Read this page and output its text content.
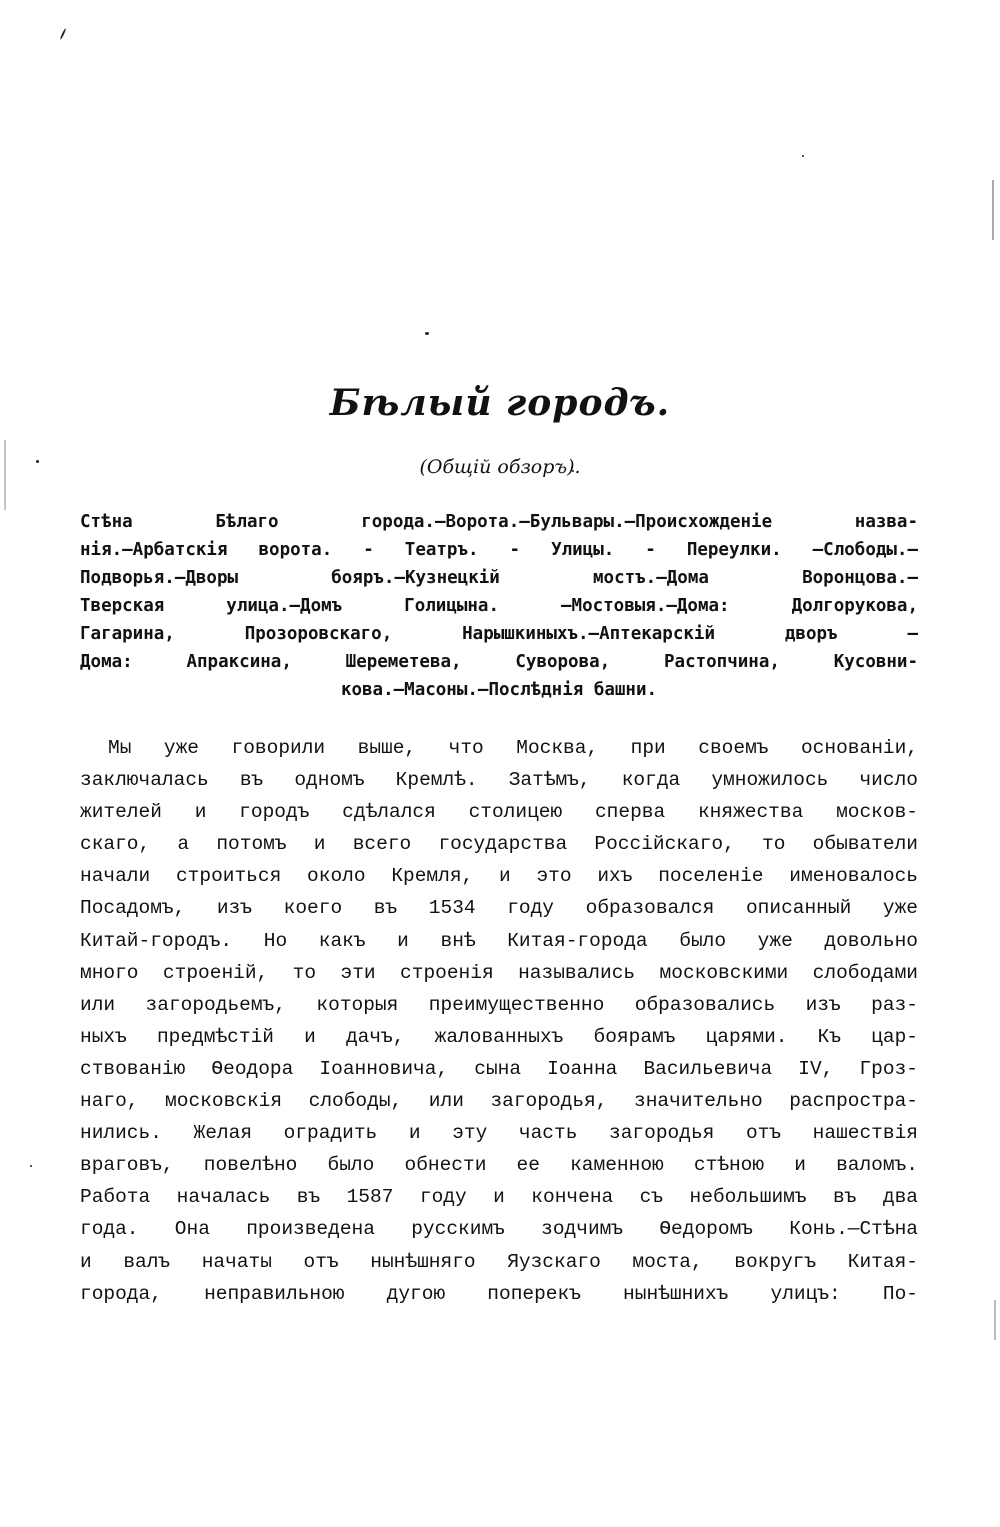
Бѣлый городъ.

(Общій обзоръ).

Стѣна Бѣлаго города.—Ворота.—Бульвары.—Происхожденіе назва-
нія.—Арбатскія ворота. - Театръ. - Улицы. - Переулки. —Слободы.—
Подворья.—Дворы бояръ.—Кузнецкій мостъ.—Дома Воронцова.—
Тверская улица.—Домъ Голицына. —Мостовыя.—Дома: Долгорукова,
Гагарина, Прозоровскаго, Нарышкиныхъ.—Аптекарскій дворъ —
Дома: Апраксина, Шереметева, Суворова, Растопчина, Кусовни-
кова.—Масоны.—Послѣднія башни.
Мы уже говорили выше, что Москва, при своемъ основаніи,
заключалась въ одномъ Кремлѣ. Затѣмъ, когда умножилось число
жителей и городъ сдѣлался столицею сперва княжества москов-
скаго, а потомъ и всего государства Россійскаго, то обыватели
начали строиться около Кремля, и это ихъ поселеніе именовалось
Посадомъ, изъ коего въ 1534 году образовался описанный уже
Китай-городъ. Но какъ и внѣ Китая-города было уже довольно
много строеній, то эти строенія назывались московскими слободами
или загородьемъ, которыя преимущественно образовались изъ раз-
ныхъ предмѣстій и дачъ, жалованныхъ боярамъ царями. Къ цар-
ствованію Ѳеодора Іоанновича, сына Іоанна Васильевича IV, Гроз-
наго, московскія слободы, или загородья, значительно распростра-
нились. Желая оградить и эту часть загородья отъ нашествія
враговъ, повелѣно было обнести ее каменною стѣною и валомъ.
Работа началась въ 1587 году и кончена съ небольшимъ въ два
года. Она произведена русскимъ зодчимъ Ѳедоромъ Конь.—Стѣна
и валъ начаты отъ нынѣшняго Яузскаго моста, вокругъ Китая-
города, неправильною дугою поперекъ нынѣшнихъ улицъ: По-
